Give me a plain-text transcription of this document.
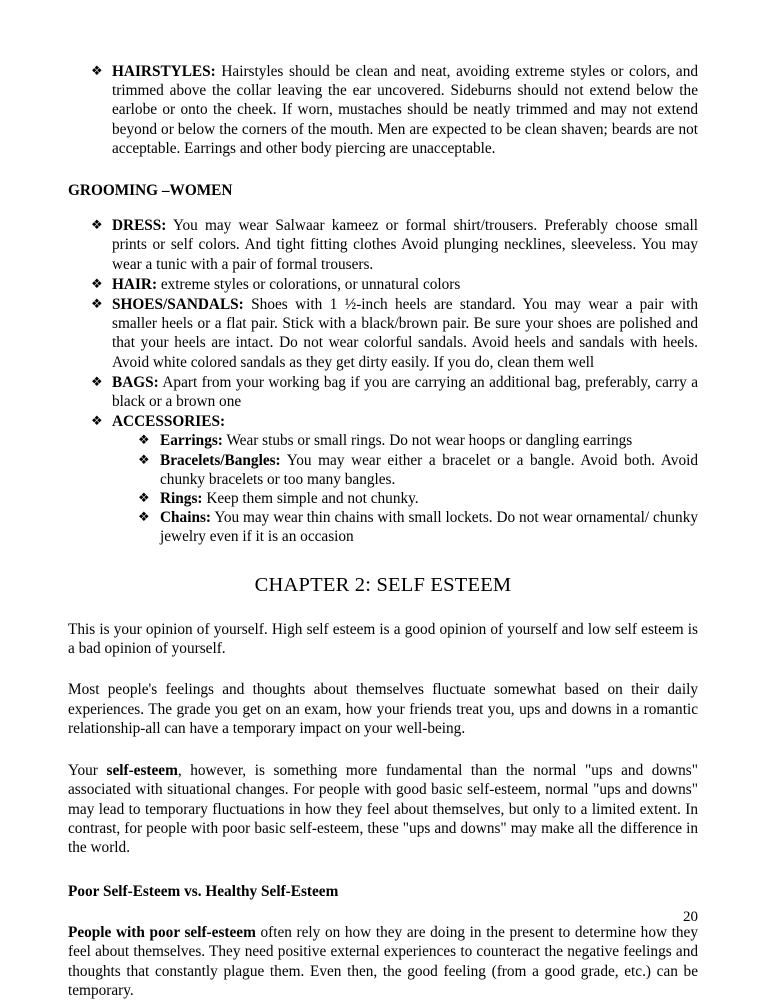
❖ HAIRSTYLES: Hairstyles should be clean and neat, avoiding extreme styles or colors, and trimmed above the collar leaving the ear uncovered. Sideburns should not extend below the earlobe or onto the cheek. If worn, mustaches should be neatly trimmed and may not extend beyond or below the corners of the mouth. Men are expected to be clean shaven; beards are not acceptable. Earrings and other body piercing are unacceptable.
GROOMING –WOMEN
❖ DRESS: You may wear Salwaar kameez or formal shirt/trousers. Preferably choose small prints or self colors. And tight fitting clothes Avoid plunging necklines, sleeveless. You may wear a tunic with a pair of formal trousers.
❖ HAIR: extreme styles or colorations, or unnatural colors
❖ SHOES/SANDALS: Shoes with 1 ½-inch heels are standard. You may wear a pair with smaller heels or a flat pair. Stick with a black/brown pair. Be sure your shoes are polished and that your heels are intact. Do not wear colorful sandals. Avoid heels and sandals with heels. Avoid white colored sandals as they get dirty easily. If you do, clean them well
❖ BAGS: Apart from your working bag if you are carrying an additional bag, preferably, carry a black or a brown one
❖ ACCESSORIES:
❖ Earrings: Wear stubs or small rings. Do not wear hoops or dangling earrings
❖ Bracelets/Bangles: You may wear either a bracelet or a bangle. Avoid both. Avoid chunky bracelets or too many bangles.
❖ Rings: Keep them simple and not chunky.
❖ Chains: You may wear thin chains with small lockets. Do not wear ornamental/ chunky jewelry even if it is an occasion
CHAPTER 2: SELF ESTEEM

This is your opinion of yourself. High self esteem is a good opinion of yourself and low self esteem is a bad opinion of yourself.

Most people's feelings and thoughts about themselves fluctuate somewhat based on their daily experiences. The grade you get on an exam, how your friends treat you, ups and downs in a romantic relationship-all can have a temporary impact on your well-being.

Your self-esteem, however, is something more fundamental than the normal "ups and downs" associated with situational changes. For people with good basic self-esteem, normal "ups and downs" may lead to temporary fluctuations in how they feel about themselves, but only to a limited extent. In contrast, for people with poor basic self-esteem, these "ups and downs" may make all the difference in the world.

Poor Self-Esteem vs. Healthy Self-Esteem

People with poor self-esteem often rely on how they are doing in the present to determine how they feel about themselves. They need positive external experiences to counteract the negative feelings and thoughts that constantly plague them. Even then, the good feeling (from a good grade, etc.) can be temporary.

20
